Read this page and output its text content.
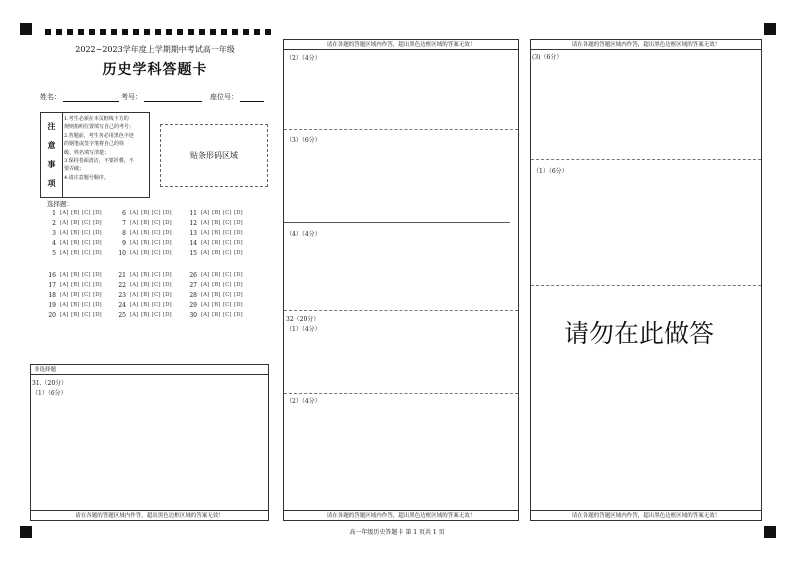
2022~2023学年度上学期期中考试高一年级
历史学科答题卡
姓名：	考号：	座位号：
注
意
事
项
1.考生必须在本页框线下方的
规则指明位置填写自己的考号；
2.答题前，考生务必用黑色字迹
的钢笔或签字笔将自己的姓
级、姓名填写清楚；
3.保持卷面清洁，不要折叠，不
要弄破；
4.请注意题号顺序。
贴条形码区域
选择题：
1 [A] [B] [C] [D]
2 [A] [B] [C] [D]
3 [A] [B] [C] [D]
4 [A] [B] [C] [D]
5 [A] [B] [C] [D]
6 [A] [B] [C] [D]
7 [A] [B] [C] [D]
8 [A] [B] [C] [D]
9 [A] [B] [C] [D]
10 [A] [B] [C] [D]
11 [A] [B] [C] [D]
12 [A] [B] [C] [D]
13 [A] [B] [C] [D]
14 [A] [B] [C] [D]
15 [A] [B] [C] [D]
16 [A] [B] [C] [D]
17 [A] [B] [C] [D]
18 [A] [B] [C] [D]
19 [A] [B] [C] [D]
20 [A] [B] [C] [D]
21 [A] [B] [C] [D]
22 [A] [B] [C] [D]
23 [A] [B] [C] [D]
24 [A] [B] [C] [D]
25 [A] [B] [C] [D]
26 [A] [B] [C] [D]
27 [A] [B] [C] [D]
28 [A] [B] [C] [D]
29 [A] [B] [C] [D]
30 [A] [B] [C] [D]
非选择题
31.（20分）
（1）（6分）
请在各题的答题区域内作答，超出黑色边框区域的答案无效！
请在各题的答题区域内作答，超出黑色边框区域的答案无效！
（2）（4分）
（3）（6分）
（4）（4分）
32（20分）
（1）（4分）
（2）（4分）
请在各题的答题区域内作答，超出黑色边框区域的答案无效！
请在各题的答题区域内作答，超出黑色边框区域的答案无效！
(3)（6分）
（1）（6分）
请勿在此做答
请在各题的答题区域内作答，超出黑色边框区域的答案无效！
高一年级历史答题卡 第 1 页共 1 页
